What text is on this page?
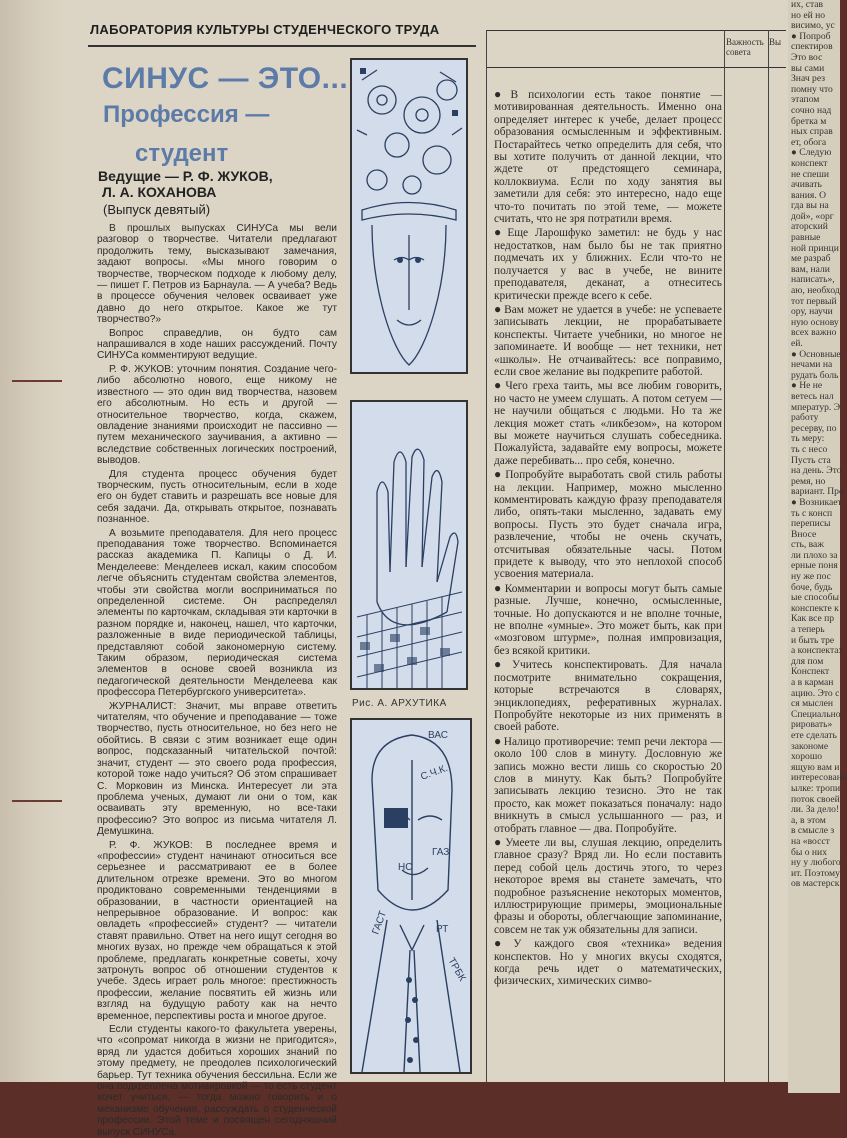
ЛАБОРАТОРИЯ КУЛЬТУРЫ СТУДЕНЧЕСКОГО ТРУДА
СИНУС — ЭТО...
Профессия —
студент
Ведущие — Р. Ф. ЖУКОВ,
Л. А. КОХАНОВА
(Выпуск девятый)

В прошлых выпусках СИНУСа мы вели разговор о творчестве. Читатели предлагают продолжить тему, высказывают замечания, задают вопросы. «Мы много говорим о творчестве, творческом подходе к любому делу, — пишет Г. Петров из Барнаула. — А учеба? Ведь в процессе обучения человек осваивает уже давно до него открытое. Какое же тут творчество?»

Вопрос справедлив, он будто сам напрашивался в ходе наших рассуждений. Почту СИНУСа комментируют ведущие.

Р. Ф. ЖУКОВ: уточним понятия. Создание чего-либо абсолютно нового, еще никому не известного — это один вид творчества, назовем его абсолютным. Но есть и другой — относительное творчество, когда, скажем, овладение знаниями происходит не пассивно — путем механического заучивания, а активно — вследствие собственных логических построений, выводов.

Для студента процесс обучения будет творческим, пусть относительным, если в ходе его он будет ставить и разрешать все новые для себя задачи. Да, открывать открытое, познавать познанное.

А возьмите преподавателя. Для него процесс преподавания тоже творчество. Вспоминается рассказ академика П. Капицы о Д. И. Менделееве: Менделеев искал, каким способом легче объяснить студентам свойства элементов, чтобы эти свойства могли восприниматься по определенной системе. Он распределял элементы по карточкам, складывая эти карточки в разном порядке и, наконец, нашел, что карточки, разложенные в виде периодической таблицы, представляют собой закономерную систему. Таким образом, периодическая система элементов в основе своей возникла из педагогической деятельности Менделеева как профессора Петербургского университета».

ЖУРНАЛИСТ: Значит, мы вправе ответить читателям, что обучение и преподавание — тоже творчество, пусть относительное, но без него не обойтись. В связи с этим возникает еще один вопрос, подсказанный читательской почтой: значит, студент — это своего рода профессия, которой тоже надо учиться? Об этом спрашивает С. Морковин из Минска. Интересует ли эта проблема ученых, думают ли они о том, как осваивать эту временную, но все-таки профессию? Это вопрос из письма читателя Л. Демушкина.

Р. Ф. ЖУКОВ: В последнее время и «профессии» студент начинают относиться все серьезнее и рассматривают ее в более длительном отрезке времени. Это во многом продиктовано современными тенденциями в образовании, в частности ориентацией на непрерывное образование. И вопрос: как овладеть «профессией» студент? — читатели ставят правильно. Ответ на него ищут сегодня во многих вузах, но прежде чем обращаться к этой проблеме, предлагать конкретные советы, хочу затронуть вопрос об отношении студентов к учебе. Здесь играет роль многое: престижность профессии, желание посвятить ей жизнь или взгляд на будущую работу как на нечто временное, перспективы роста и многое другое.

Если студенты какого-то факультета уверены, что «сопромат никогда в жизни не пригодится», вряд ли удастся добиться хороших знаний по этому предмету, не преодолев психологический барьер. Тут техника обучения бессильна. Если же она подкреплена мотивировкой — то есть студент хочет учиться, — тогда можно говорить и о механизме обучения, рассуждать о студенческой профессии. Этой теме и посвящен сегодняшний выпуск СИНУСа.

Рис. А. АРХУТИКА
ВАС
С.Ч.К.
НС
ГАЗ
ГАСТ	РТ
ТРБК
Важность совета
Вы

● В психологии есть такое понятие — мотивированная деятельность. Именно она определяет интерес к учебе, делает процесс образования осмысленным и эффективным. Постарайтесь четко определить для себя, что вы хотите получить от данной лекции, что ждете от предстоящего семинара, коллоквиума. Если по ходу занятия вы заметили для себя: это интересно, надо еще что-то почитать по этой теме, — можете считать, что не зря потратили время.

● Еще Ларошфуко заметил: не будь у нас недостатков, нам было бы не так приятно подмечать их у ближних. Если что-то не получается у вас в учебе, не вините преподавателя, деканат, а отнеситесь критически прежде всего к себе.

● Вам может не удается в учебе: не успеваете записывать лекции, не прорабатываете конспекты. Читаете учебники, но многое не запоминаете. И вообще — нет техники, нет «школы». Не отчаивайтесь: все поправимо, если свое желание вы подкрепите работой.

● Чего греха таить, мы все любим говорить, но часто не умеем слушать. А потом сетуем — не научили общаться с людьми. Но та же лекция может стать «ликбезом», на котором вы можете научиться слушать собеседника. Пожалуйста, задавайте ему вопросы, можете даже перебивать... про себя, конечно.

● Попробуйте выработать свой стиль работы на лекции. Например, можно мысленно комментировать каждую фразу преподавателя либо, опять-таки мысленно, задавать ему вопросы. Пусть это будет сначала игра, развлечение, чтобы не очень скучать, отсчитывая обязательные часы. Потом придете к выводу, что это неплохой способ усвоения материала.

● Комментарии и вопросы могут быть самые разные. Лучше, конечно, осмысленные, точные. Но допускаются и не вполне точные, не вполне «умные». Это может быть, как при «мозговом штурме», полная импровизация, без всякой критики.

● Учитесь конспектировать. Для начала посмотрите внимательно сокращения, которые встречаются в словарях, энциклопедиях, реферативных журналах. Попробуйте некоторые из них применять в своей работе.

● Налицо противоречие: темп речи лектора — около 100 слов в минуту. Дословную же запись можно вести лишь со скоростью 20 слов в минуту. Как быть? Попробуйте записывать лекцию тезисно. Это не так просто, как может показаться поначалу: надо вникнуть в смысл услышанного — раз, и отобрать главное — два. Попробуйте.

● Умеете ли вы, слушая лекцию, определить главное сразу? Вряд ли. Но если поставить перед собой цель достичь этого, то через некоторое время вы станете замечать, что подробное разъяснение некоторых моментов, иллюстрирующие примеры, эмоциональные фразы и обороты, облегчающие запоминание, совсем не так уж обязательны для записи.

● У каждого своя «техника» ведения конспектов. Но у многих вкусы сходятся, когда речь идет о математических, физических, химических симво-

их, став
но ей но
висимо, ус
● Попроб
спектиров
Это вос
вы сами
Знач рез
помну что
этапом
сочно над
бретка м
ных справ
ет, обога
● Следую
конспект
не спеши
ачивать
вания. О
гда вы на
дой», «орг
аторский
равные
ной принци
ме разраб
вам, нали
написать»,
аю, необход
тот первый
ору, научи
ную основу
всех важно
ей.
● Основные
нечами на
рудать боль
● Не не
ветесь нал
мператур. Э
работу
ресерву, по
ть меру:
ть с несо
Пусть ста
на день. Это
ремя, но
вариант. Про
● Возникает
ть с консп
переписы
Вносе
сть, важ
ли плохо за
ерные поня
ну же пос
боче, будь
ые способы
конспекте к
Как все пр
а теперь
и быть тре
а конспектах
для пом
Конспект
а в карман
ацию. Это с
ся мыслен
Специально
рировать»
ете сделать
закономе
хорошо
ящую вам и
интересовани
ылке: тропи
поток своей
ли. За дело!
а, в этом
в смысле з
на «восст
бы о них
ну у любого
ит. Поэтому
ов мастерск
